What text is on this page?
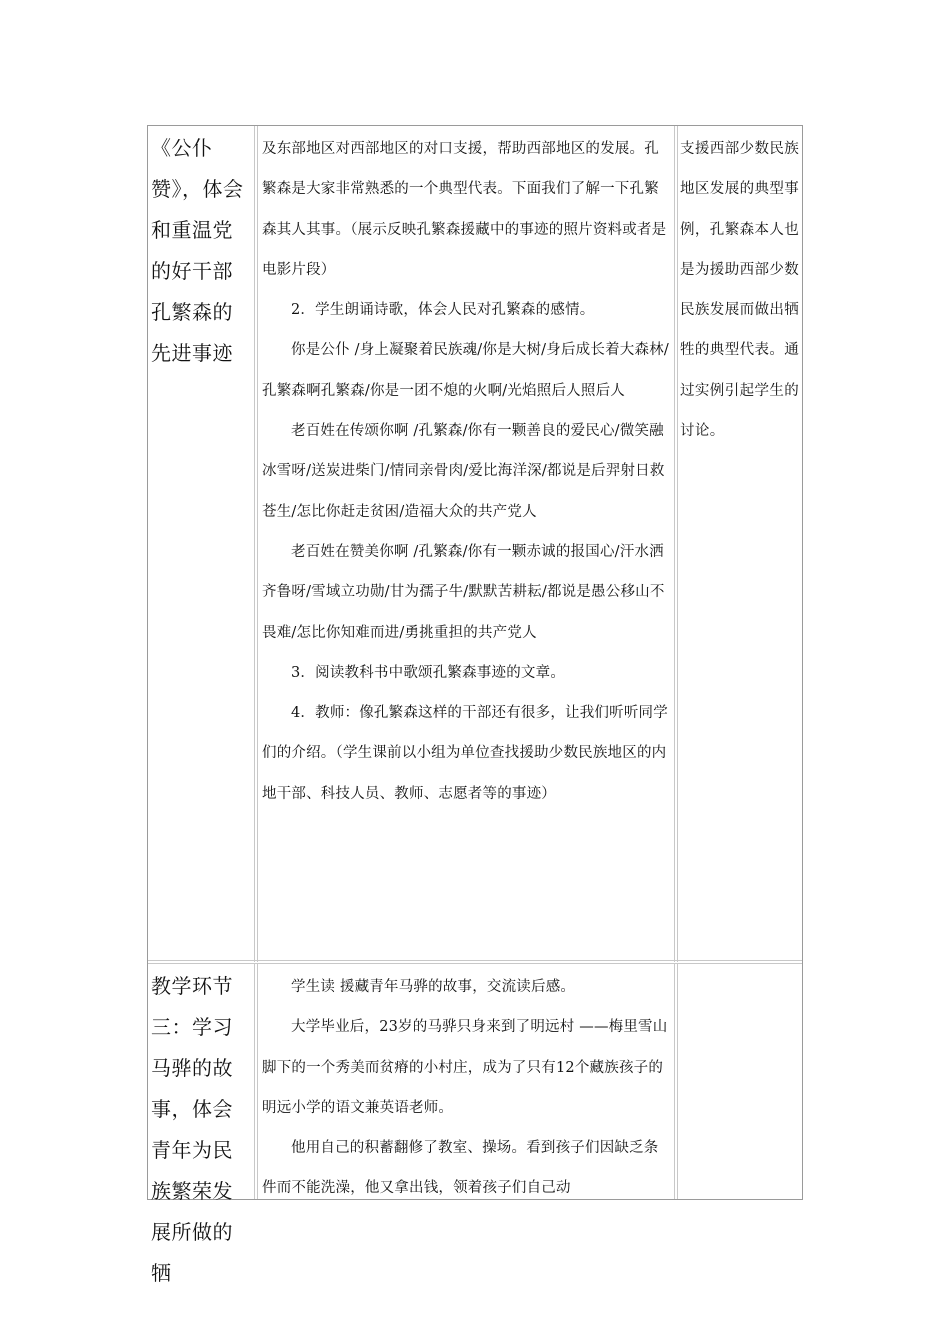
《公仆赞》，体会和重温党的好干部孔繁森的先进事迹

及东部地区对西部地区的对口支援，帮助西部地区的发展。孔繁森是大家非常熟悉的一个典型代表。下面我们了解一下孔繁森其人其事。（展示反映孔繁森援藏中的事迹的照片资料或者是电影片段）

2．学生朗诵诗歌，体会人民对孔繁森的感情。

你是公仆 /身上凝聚着民族魂/你是大树/身后成长着大森林/孔繁森啊孔繁森/你是一团不熄的火啊/光焰照后人照后人

老百姓在传颂你啊 /孔繁森/你有一颗善良的爱民心/微笑融冰雪呀/送炭进柴门/情同亲骨肉/爱比海洋深/都说是后羿射日救苍生/怎比你赶走贫困/造福大众的共产党人

老百姓在赞美你啊 /孔繁森/你有一颗赤诚的报国心/汗水洒齐鲁呀/雪域立功勋/甘为孺子牛/默默苦耕耘/都说是愚公移山不畏难/怎比你知难而进/勇挑重担的共产党人

3．阅读教科书中歌颂孔繁森事迹的文章。

4．教师：像孔繁森这样的干部还有很多，让我们听听同学们的介绍。（学生课前以小组为单位查找援助少数民族地区的内地干部、科技人员、教师、志愿者等的事迹）

支援西部少数民族地区发展的典型事例，孔繁森本人也是为援助西部少数民族发展而做出牺牲的典型代表。通过实例引起学生的讨论。
教学环节三：学习马骅的故事，体会青年为民族繁荣发展所做的牺

学生读 援藏青年马骅的故事，交流读后感。

大学毕业后，23岁的马骅只身来到了明远村 ——梅里雪山脚下的一个秀美而贫瘠的小村庄，成为了只有12个藏族孩子的明远小学的语文兼英语老师。

他用自己的积蓄翻修了教室、操场。看到孩子们因缺乏条件而不能洗澡，他又拿出钱，领着孩子们自己动
